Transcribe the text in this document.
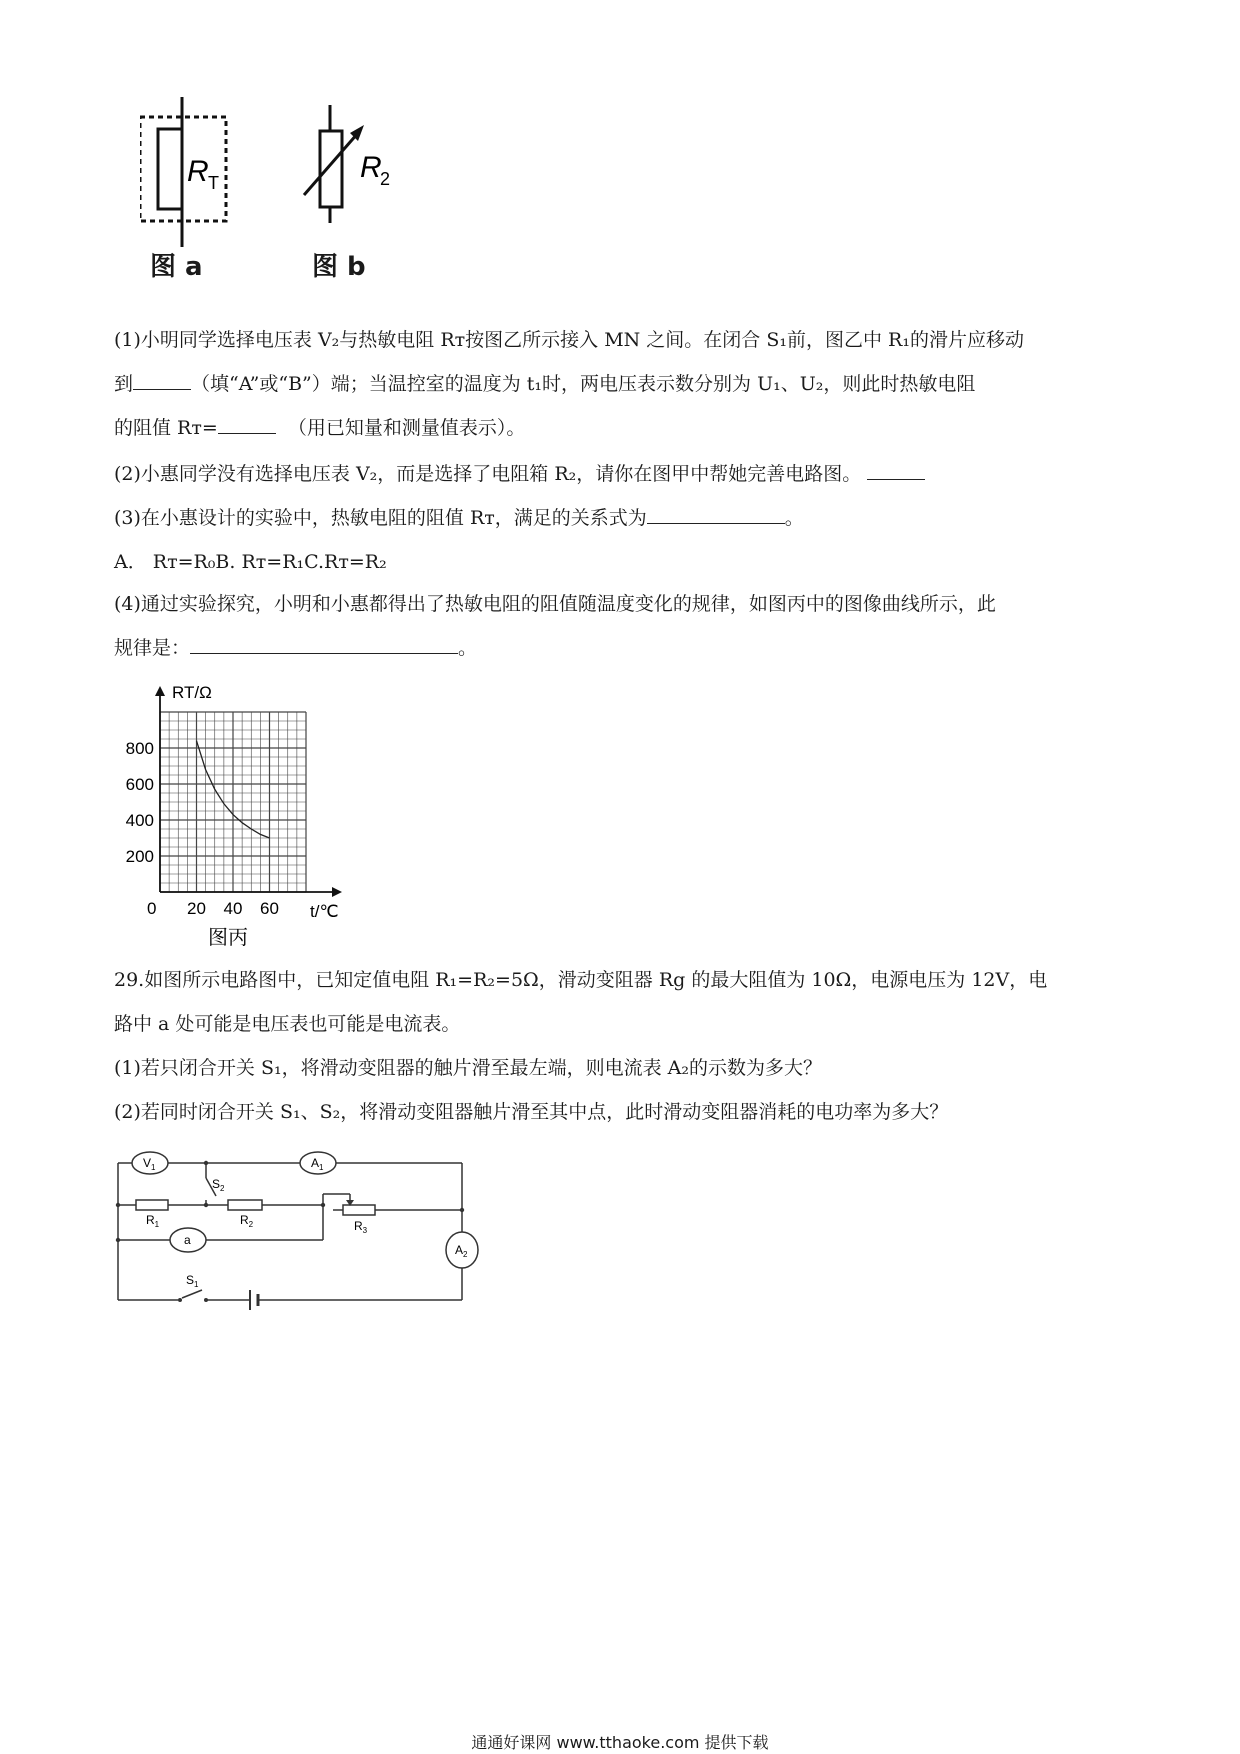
R T
图 a
R
2
图 b
(1)小明同学选择电压表 V₂与热敏电阻 Rт按图乙所示接入 MN 之间。在闭合 S₁前，图乙中 R₁的滑片应移动
到	（填“A”或“B”）端；当温控室的温度为 t₁时，两电压表示数分别为 U₁、U₂，则此时热敏电阻
的阻值 Rт=	（用已知量和测量值表示）。
(2)小惠同学没有选择电压表 V₂，而是选择了电阻箱 R₂，请你在图甲中帮她完善电路图。
(3)在小惠设计的实验中，热敏电阻的阻值 Rт，满足的关系式为	。
A． Rт=R₀B. Rт=R₁C.Rт=R₂
(4)通过实验探究，小明和小惠都得出了热敏电阻的阻值随温度变化的规律，如图丙中的图像曲线所示，此
规律是：	。
20 40 60
200
400
600
800
RT/Ω
t/℃
0
图丙
29.如图所示电路图中，已知定值电阻 R₁=R₂=5Ω，滑动变阻器 Rg 的最大阻值为 10Ω，电源电压为 12V，电
路中 a 处可能是电压表也可能是电流表。
(1)若只闭合开关 S₁，将滑动变阻器的触片滑至最左端，则电流表 A₂的示数为多大？
(2)若同时闭合开关 S₁、S₂，将滑动变阻器触片滑至其中点，此时滑动变阻器消耗的电功率为多大？
$V_1$	$A_1$
a
$A_2$
$R_1$	$R_2$	$R_3$
$S_2$
$S_1$
通通好课网 www.tthaoke.com 提供下载
